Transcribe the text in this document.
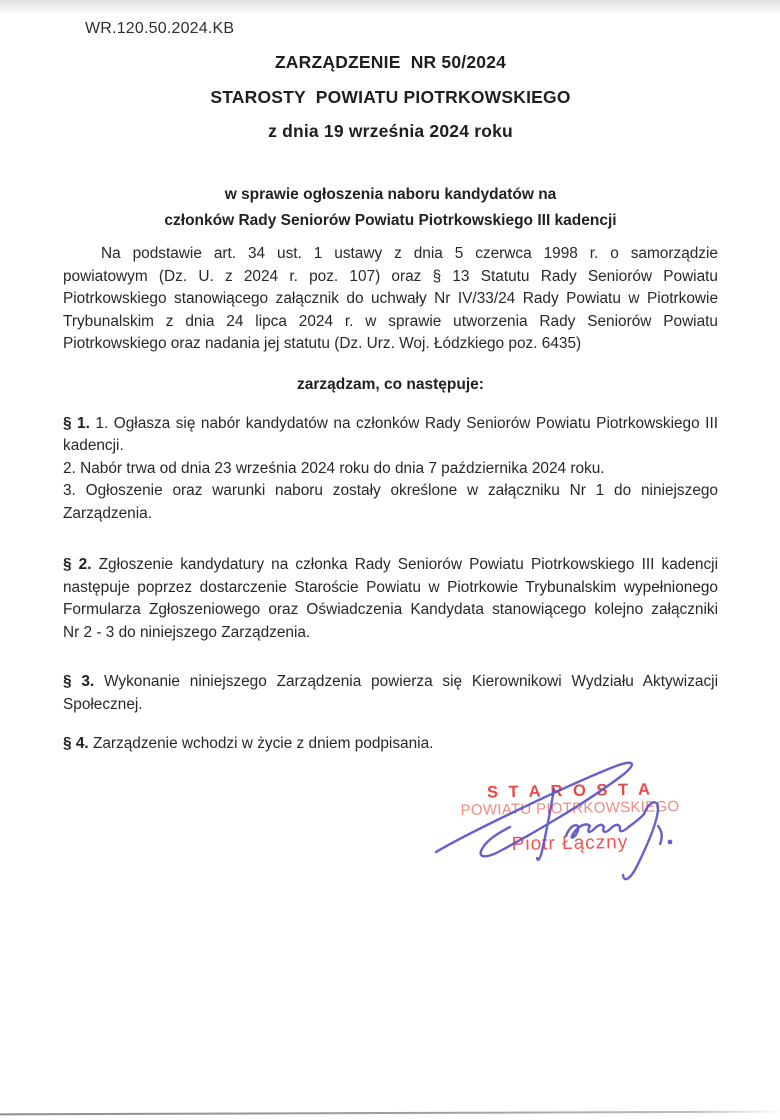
WR.120.50.2024.KB

ZARZĄDZENIE  NR 50/2024
STAROSTY  POWIATU PIOTRKOWSKIEGO
z dnia 19 września 2024 roku
w sprawie ogłoszenia naboru kandydatów na
członków Rady Seniorów Powiatu Piotrkowskiego III kadencji
Na podstawie art. 34 ust. 1 ustawy z dnia 5 czerwca 1998 r. o samorządzie
powiatowym (Dz. U. z 2024 r. poz. 107) oraz § 13 Statutu Rady Seniorów Powiatu
Piotrkowskiego stanowiącego załącznik do uchwały Nr IV/33/24 Rady Powiatu w Piotrkowie
Trybunalskim z dnia 24 lipca 2024 r. w sprawie utworzenia Rady Seniorów Powiatu
Piotrkowskiego oraz nadania jej statutu (Dz. Urz. Woj. Łódzkiego poz. 6435)
zarządzam, co następuje:
§ 1. 1. Ogłasza się nabór kandydatów na członków Rady Seniorów Powiatu Piotrkowskiego III
kadencji.
2. Nabór trwa od dnia 23 września 2024 roku do dnia 7 października 2024 roku.
3. Ogłoszenie oraz warunki naboru zostały określone w załączniku Nr 1 do niniejszego
Zarządzenia.
§ 2. Zgłoszenie kandydatury na członka Rady Seniorów Powiatu Piotrkowskiego III kadencji
następuje poprzez dostarczenie Staroście Powiatu w Piotrkowie Trybunalskim wypełnionego
Formularza Zgłoszeniowego oraz Oświadczenia Kandydata stanowiącego kolejno załączniki
Nr 2 - 3 do niniejszego Zarządzenia.
§ 3. Wykonanie niniejszego Zarządzenia powierza się Kierownikowi Wydziału Aktywizacji
Społecznej.
§ 4. Zarządzenie wchodzi w życie z dniem podpisania.

S T A R O S T A

POWIATU PIOTRKOWSKIEGO

Piotr Łączny
